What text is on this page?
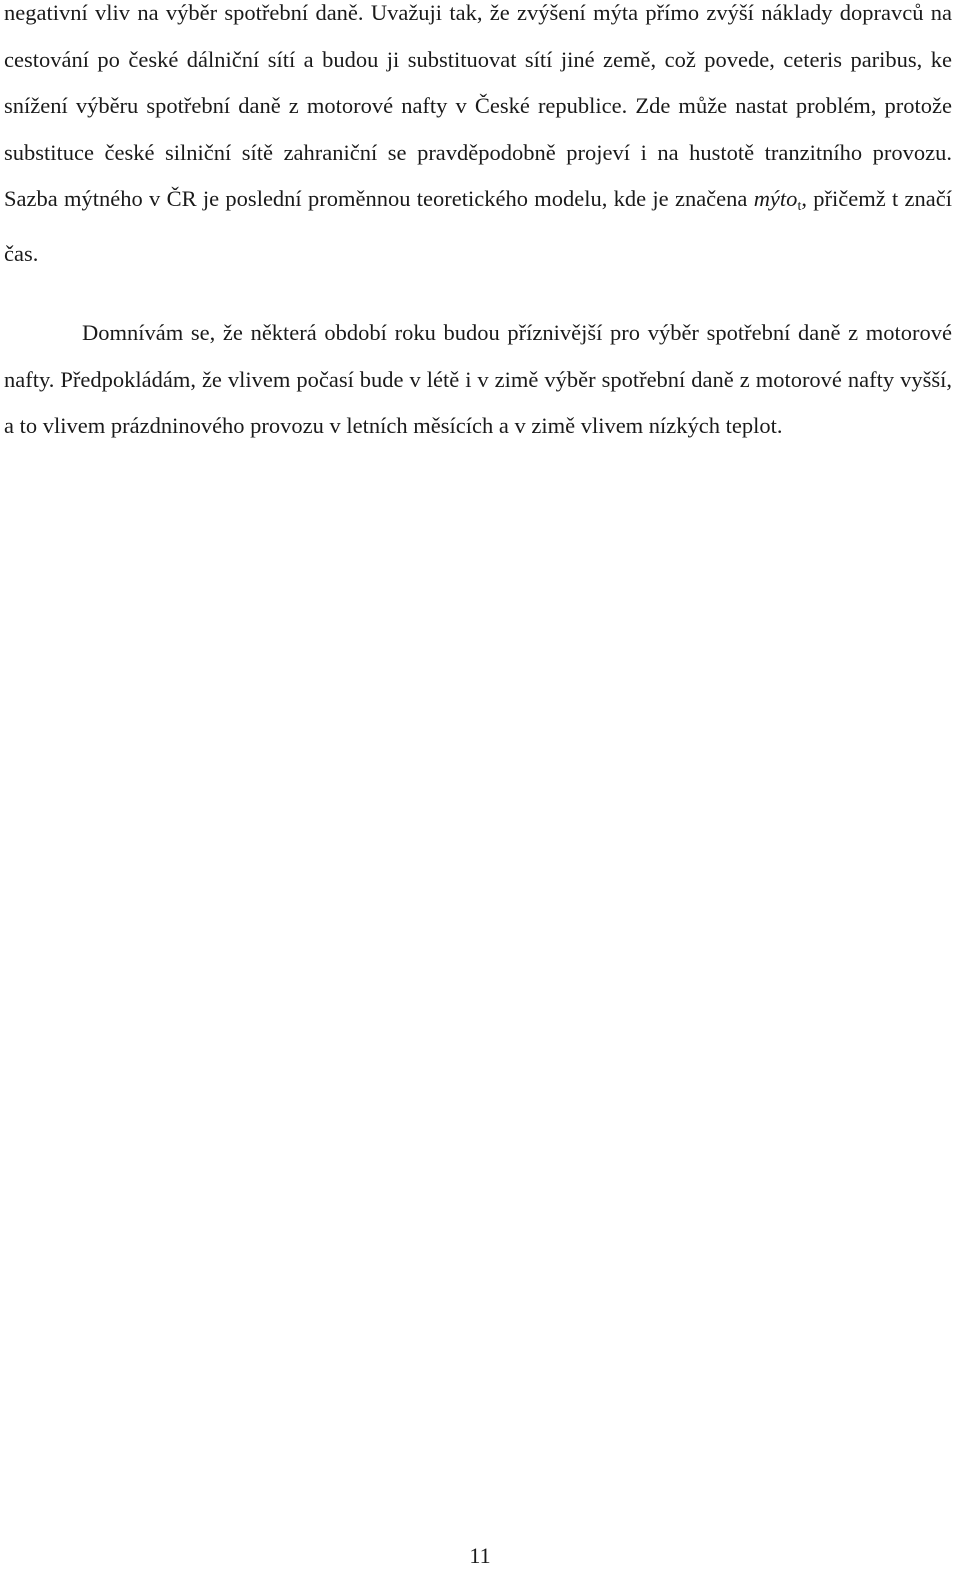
negativní vliv na výběr spotřební daně. Uvažuji tak, že zvýšení mýta přímo zvýší náklady dopravců na cestování po české dálniční sítí a budou ji substituovat sítí jiné země, což povede, ceteris paribus, ke snížení výběru spotřební daně z motorové nafty v České republice. Zde může nastat problém, protože substituce české silniční sítě zahraniční se pravděpodobně projeví i na hustotě tranzitního provozu. Sazba mýtného v ČR je poslední proměnnou teoretického modelu, kde je značena mýto$_t$, přičemž t značí čas.
Domnívám se, že některá období roku budou příznivější pro výběr spotřební daně z motorové nafty. Předpokládám, že vlivem počasí bude v létě i v zimě výběr spotřební daně z motorové nafty vyšší, a to vlivem prázdninového provozu v letních měsících a v zimě vlivem nízkých teplot.
11
